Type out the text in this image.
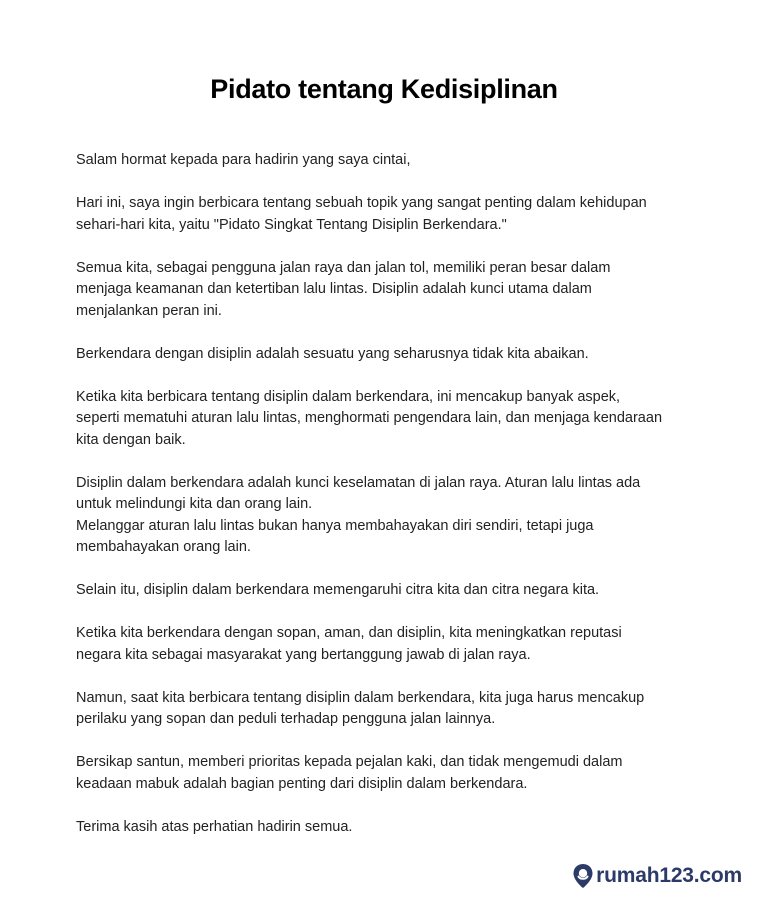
Pidato tentang Kedisiplinan

Salam hormat kepada para hadirin yang saya cintai,

Hari ini, saya ingin berbicara tentang sebuah topik yang sangat penting dalam kehidupan
sehari-hari kita, yaitu "Pidato Singkat Tentang Disiplin Berkendara."

Semua kita, sebagai pengguna jalan raya dan jalan tol, memiliki peran besar dalam
menjaga keamanan dan ketertiban lalu lintas. Disiplin adalah kunci utama dalam
menjalankan peran ini.

Berkendara dengan disiplin adalah sesuatu yang seharusnya tidak kita abaikan.

Ketika kita berbicara tentang disiplin dalam berkendara, ini mencakup banyak aspek,
seperti mematuhi aturan lalu lintas, menghormati pengendara lain, dan menjaga kendaraan
kita dengan baik.

Disiplin dalam berkendara adalah kunci keselamatan di jalan raya. Aturan lalu lintas ada
untuk melindungi kita dan orang lain.
Melanggar aturan lalu lintas bukan hanya membahayakan diri sendiri, tetapi juga
membahayakan orang lain.

Selain itu, disiplin dalam berkendara memengaruhi citra kita dan citra negara kita.

Ketika kita berkendara dengan sopan, aman, dan disiplin, kita meningkatkan reputasi
negara kita sebagai masyarakat yang bertanggung jawab di jalan raya.

Namun, saat kita berbicara tentang disiplin dalam berkendara, kita juga harus mencakup
perilaku yang sopan dan peduli terhadap pengguna jalan lainnya.

Bersikap santun, memberi prioritas kepada pejalan kaki, dan tidak mengemudi dalam
keadaan mabuk adalah bagian penting dari disiplin dalam berkendara.

Terima kasih atas perhatian hadirin semua.

rumah123.com
